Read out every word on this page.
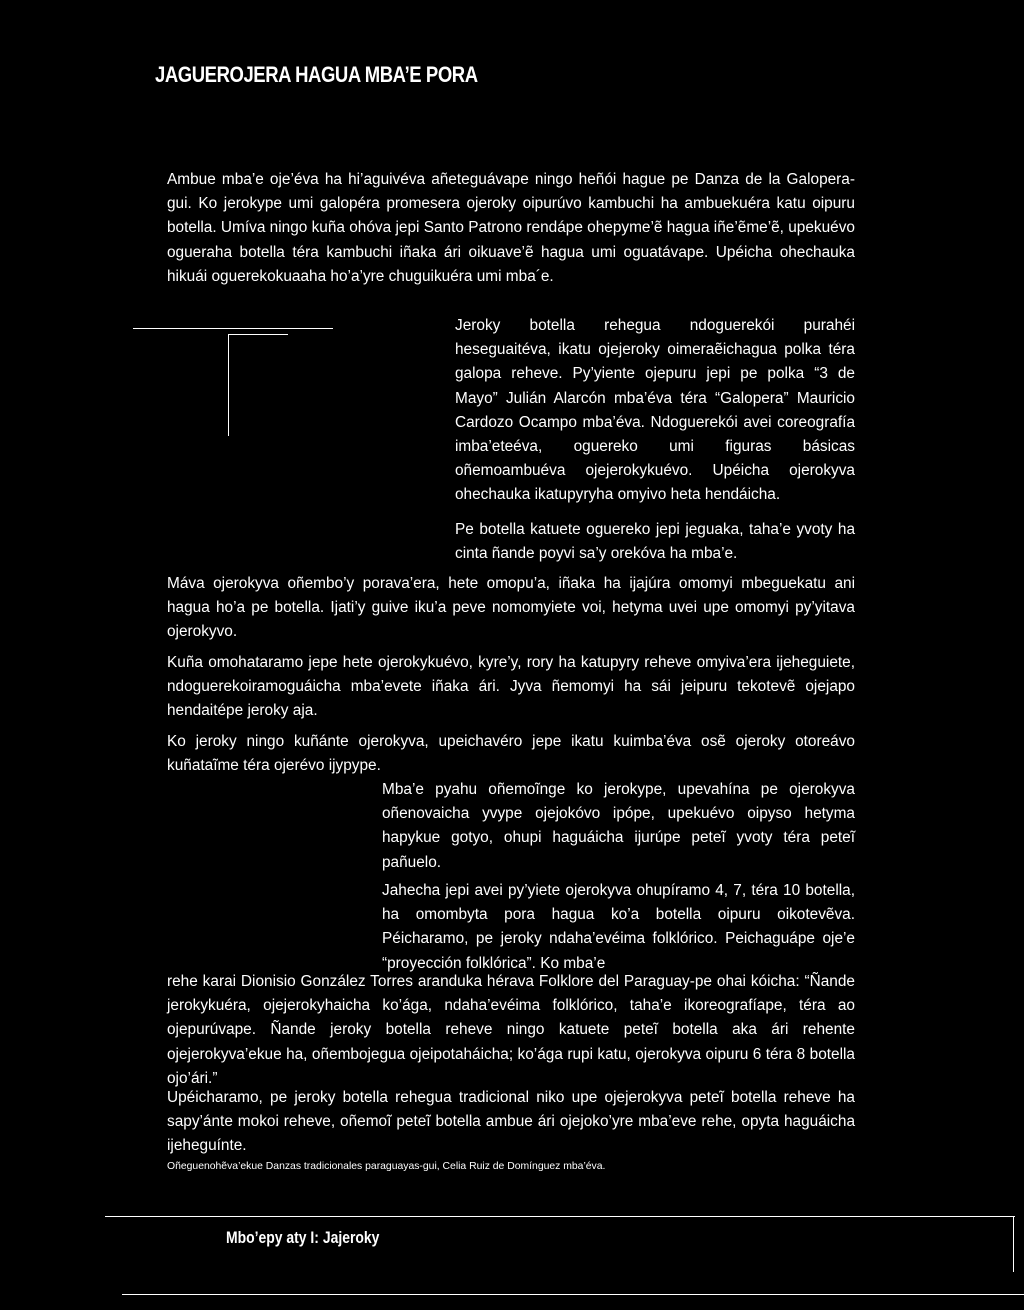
JAGUEROJERA HAGUA MBA’E PORA

Ambue mba’e oje’éva ha hi’aguivéva añeteguávape ningo heñói hague pe Danza de la Galopera-gui. Ko jerokype umi galopéra promesera ojeroky oipurúvo kambuchi ha ambuekuéra katu oipuru botella. Umíva ningo kuña ohóva jepi Santo Patrono rendápe ohepyme’ẽ hagua iñe’ẽme’ẽ, upekuévo ogueraha botella téra kambuchi iñaka ári oikuave’ẽ hagua umi oguatávape. Upéicha ohechauka hikuái oguerekokuaaha ho’a’yre chuguikuéra umi mba´e.

Jeroky botella rehegua ndoguerekói purahéi heseguaitéva, ikatu ojejeroky oimeraẽichagua polka téra galopa reheve. Py’yiente ojepuru jepi pe polka “3 de Mayo” Julián Alarcón mba’éva téra “Galopera” Mauricio Cardozo Ocampo mba’éva. Ndoguerekói avei coreografía imba’eteéva, oguereko umi figuras básicas oñemoambuéva ojejerokykuévo. Upéicha ojerokyva ohechauka ikatupyryha omyivo heta hendáicha.

Pe botella katuete oguereko jepi jeguaka, taha’e yvoty ha cinta ñande poyvi sa’y orekóva ha mba’e.

Máva ojerokyva oñembo’y porava’era, hete omopu’a, iñaka ha ijajúra omomyi mbeguekatu ani hagua ho’a pe botella. Ijati’y guive iku’a peve nomomyiete voi, hetyma uvei upe omomyi py’yitava ojerokyvo.

Kuña omohataramo jepe hete ojerokykuévo, kyre’y, rory ha katupyry reheve omyiva’era ijeheguiete, ndoguerekoiramoguáicha mba’evete iñaka ári. Jyva ñemomyi ha sái jeipuru tekotevẽ ojejapo hendaitépe jeroky aja.

Ko jeroky ningo kuñánte ojerokyva, upeichavéro jepe ikatu kuimba’éva osẽ ojeroky otoreávo kuñataĩme téra ojerévo ijypype.

Mba’e pyahu oñemoĩnge ko jerokype, upevahína pe ojerokyva oñenovaicha yvype ojejokóvo ipópe, upekuévo oipyso hetyma hapykue gotyo, ohupi haguáicha ijurúpe peteĩ yvoty téra peteĩ pañuelo.

Jahecha jepi avei py’yiete ojerokyva ohupíramo 4, 7, téra 10 botella, ha omombyta pora hagua ko’a botella oipuru oikotevẽva. Péicharamo, pe jeroky ndaha’evéima folklórico. Peichaguápe oje’e “proyección folklórica”. Ko mba’e

rehe karai Dionisio González Torres aranduka hérava Folklore del Paraguay-pe ohai kóicha: “Ñande jerokykuéra, ojejerokyhaicha ko’ága, ndaha’evéima folklórico, taha’e ikoreografíape, téra ao ojepurúvape. Ñande jeroky botella reheve ningo katuete peteĩ botella aka ári rehente ojejerokyva’ekue ha, oñembojegua ojeipotaháicha; ko’ága rupi katu, ojerokyva oipuru 6 téra 8 botella ojo’ári.”

Upéicharamo, pe jeroky botella rehegua tradicional niko upe ojejerokyva peteĩ botella reheve ha sapy’ánte mokoi reheve, oñemoĩ peteĩ botella ambue ári ojejoko’yre mba’eve rehe, opyta haguáicha ijeheguínte.

Oñeguenohẽva’ekue Danzas tradicionales paraguayas-gui, Celia Ruiz de Domínguez mba’éva.
Mbo’epy aty I: Jajeroky
